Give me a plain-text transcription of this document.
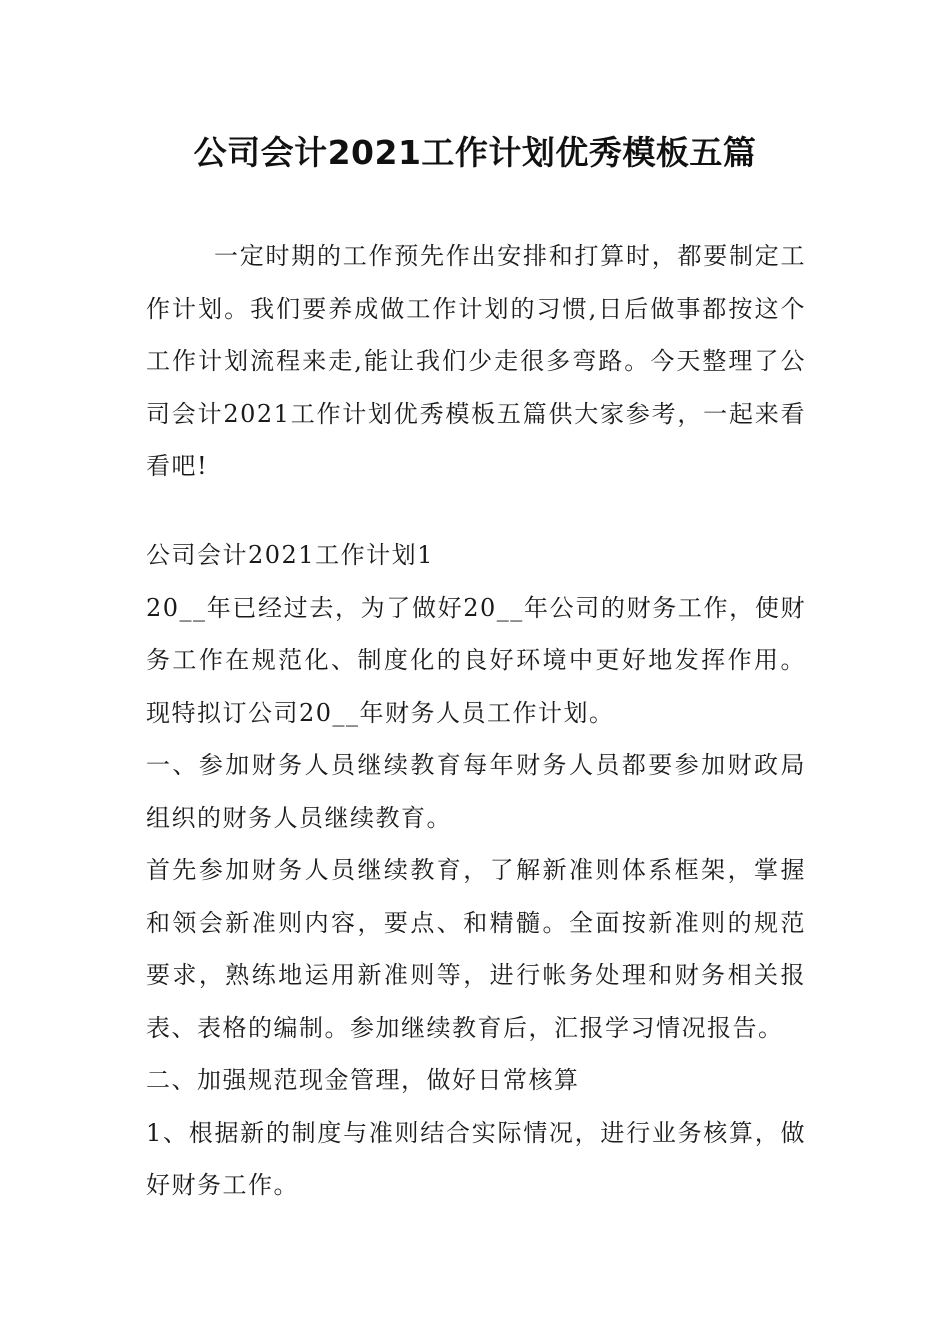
公司会计2021工作计划优秀模板五篇
一定时期的工作预先作出安排和打算时，都要制定工作计划。我们要养成做工作计划的习惯,日后做事都按这个工作计划流程来走,能让我们少走很多弯路。今天整理了公司会计2021工作计划优秀模板五篇供大家参考，一起来看看吧!

公司会计2021工作计划1

20__年已经过去，为了做好20__年公司的财务工作，使财务工作在规范化、制度化的良好环境中更好地发挥作用。现特拟订公司20__年财务人员工作计划。

一、参加财务人员继续教育每年财务人员都要参加财政局组织的财务人员继续教育。

首先参加财务人员继续教育，了解新准则体系框架，掌握和领会新准则内容，要点、和精髓。全面按新准则的规范要求，熟练地运用新准则等，进行帐务处理和财务相关报表、表格的编制。参加继续教育后，汇报学习情况报告。

二、加强规范现金管理，做好日常核算

1、根据新的制度与准则结合实际情况，进行业务核算，做好财务工作。
